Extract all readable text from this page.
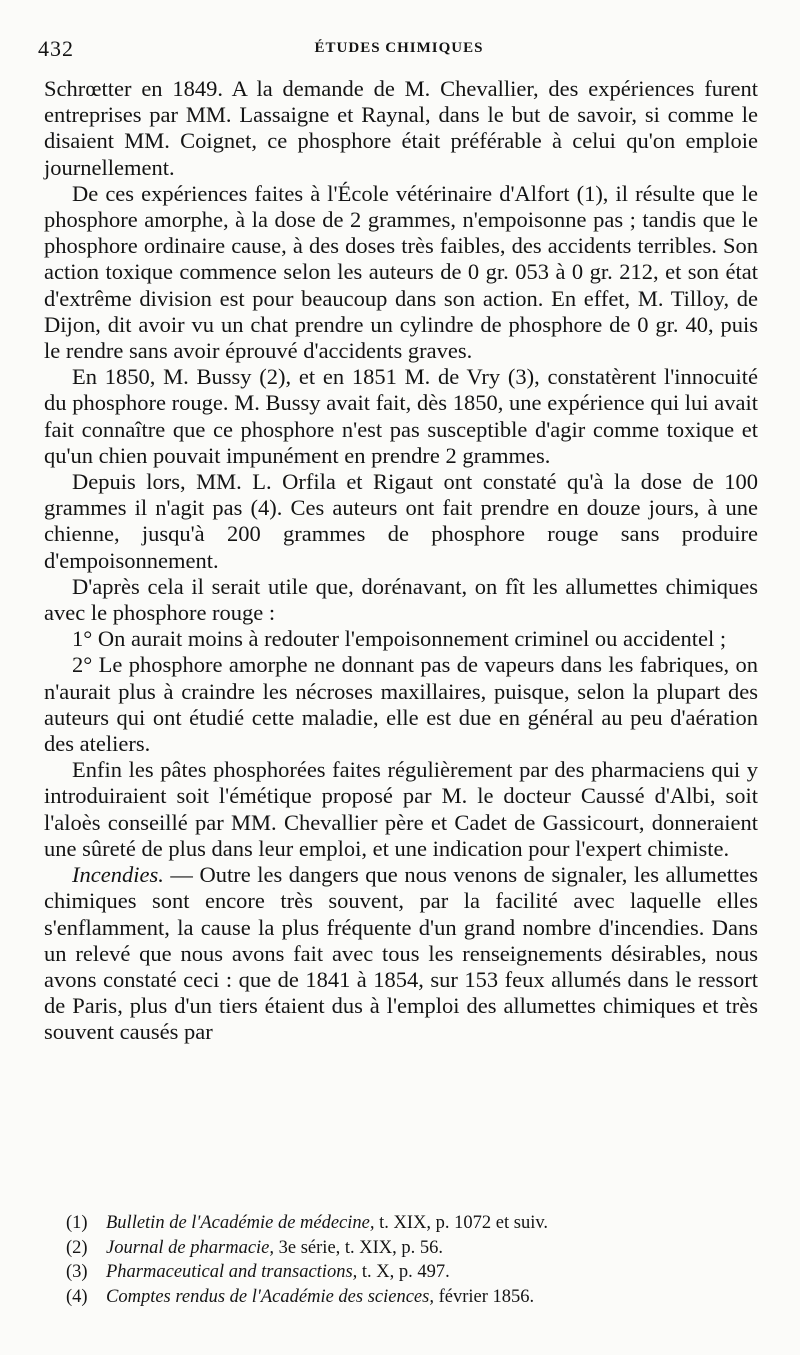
432	ÉTUDES CHIMIQUES

Schrœtter en 1849. A la demande de M. Chevallier, des expériences furent entreprises par MM. Lassaigne et Raynal, dans le but de savoir, si comme le disaient MM. Coignet, ce phosphore était préférable à celui qu'on emploie journellement.

De ces expériences faites à l'École vétérinaire d'Alfort (1), il résulte que le phosphore amorphe, à la dose de 2 grammes, n'empoisonne pas ; tandis que le phosphore ordinaire cause, à des doses très faibles, des accidents terribles. Son action toxique commence selon les auteurs de 0 gr. 053 à 0 gr. 212, et son état d'extrême division est pour beaucoup dans son action. En effet, M. Tilloy, de Dijon, dit avoir vu un chat prendre un cylindre de phosphore de 0 gr. 40, puis le rendre sans avoir éprouvé d'accidents graves.

En 1850, M. Bussy (2), et en 1851 M. de Vry (3), constatèrent l'innocuité du phosphore rouge. M. Bussy avait fait, dès 1850, une expérience qui lui avait fait connaître que ce phosphore n'est pas susceptible d'agir comme toxique et qu'un chien pouvait impunément en prendre 2 grammes.

Depuis lors, MM. L. Orfila et Rigaut ont constaté qu'à la dose de 100 grammes il n'agit pas (4). Ces auteurs ont fait prendre en douze jours, à une chienne, jusqu'à 200 grammes de phosphore rouge sans produire d'empoisonnement.

D'après cela il serait utile que, dorénavant, on fît les allumettes chimiques avec le phosphore rouge :

1° On aurait moins à redouter l'empoisonnement criminel ou accidentel ;

2° Le phosphore amorphe ne donnant pas de vapeurs dans les fabriques, on n'aurait plus à craindre les nécroses maxillaires, puisque, selon la plupart des auteurs qui ont étudié cette maladie, elle est due en général au peu d'aération des ateliers.

Enfin les pâtes phosphorées faites régulièrement par des pharmaciens qui y introduiraient soit l'émétique proposé par M. le docteur Caussé d'Albi, soit l'aloès conseillé par MM. Chevallier père et Cadet de Gassicourt, donneraient une sûreté de plus dans leur emploi, et une indication pour l'expert chimiste.

Incendies. — Outre les dangers que nous venons de signaler, les allumettes chimiques sont encore très souvent, par la facilité avec laquelle elles s'enflamment, la cause la plus fréquente d'un grand nombre d'incendies. Dans un relevé que nous avons fait avec tous les renseignements désirables, nous avons constaté ceci : que de 1841 à 1854, sur 153 feux allumés dans le ressort de Paris, plus d'un tiers étaient dus à l'emploi des allumettes chimiques et très souvent causés par

(1) Bulletin de l'Académie de médecine, t. XIX, p. 1072 et suiv.

(2) Journal de pharmacie, 3e série, t. XIX, p. 56.

(3) Pharmaceutical and transactions, t. X, p. 497.

(4) Comptes rendus de l'Académie des sciences, février 1856.
